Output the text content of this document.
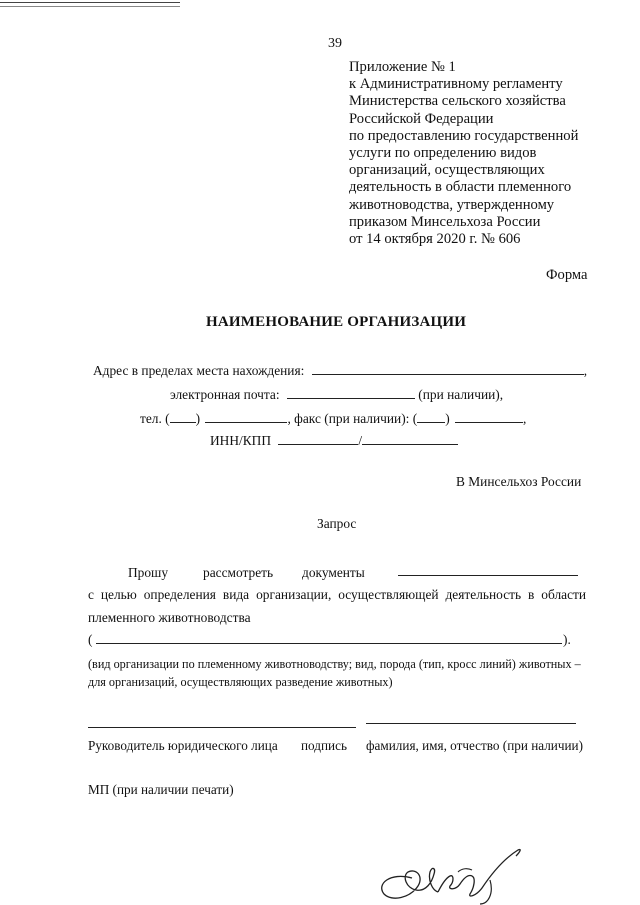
39
Приложение № 1
к Административному регламенту
Министерства сельского хозяйства
Российской Федерации
по предоставлению государственной
услуги по определению видов
организаций, осуществляющих
деятельность в области племенного
животноводства, утвержденному
приказом Минсельхоза России
от 14 октября 2020 г. № 606
Форма
НАИМЕНОВАНИЕ ОРГАНИЗАЦИИ
Адрес в пределах места нахождения:	,
электронная почта:	(при наличии),
тел. ( )	, факс (при наличии): ( )	,
ИНН/КПП	/
В Минсельхоз России
Запрос
Прошу	рассмотреть документы
с целью определения вида организации, осуществляющей деятельность в области
племенного животноводства
(	).
(вид организации по племенному животноводству; вид, порода (тип, кросс линий) животных –
для организаций, осуществляющих разведение животных)
Руководитель юридического лица подпись фамилия, имя, отчество (при наличии)
МП (при наличии печати)
